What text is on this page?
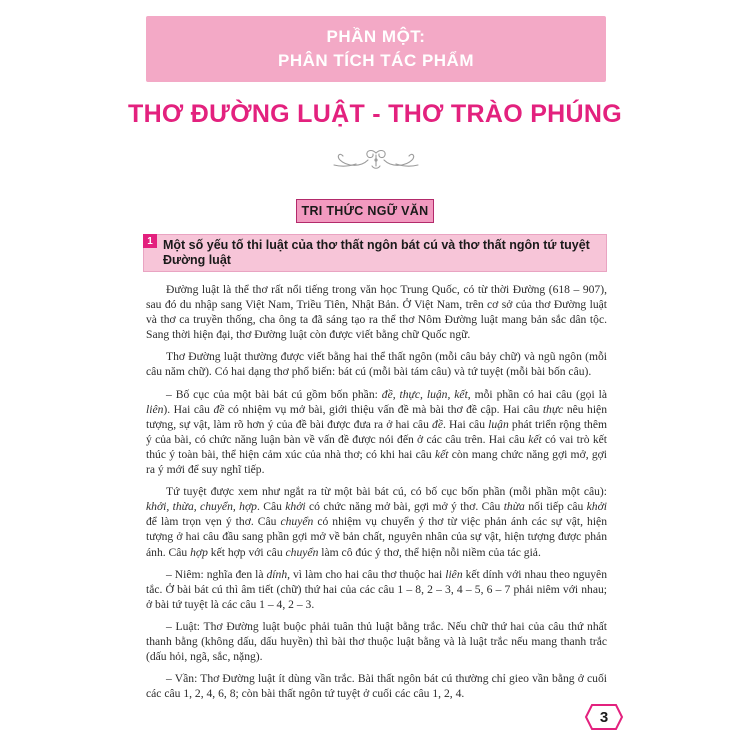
PHẦN MỘT:
PHÂN TÍCH TÁC PHẨM
THƠ ĐƯỜNG LUẬT - THƠ TRÀO PHÚNG
TRI THỨC NGỮ VĂN
1 Một số yếu tố thi luật của thơ thất ngôn bát cú và thơ thất ngôn tứ tuyệt Đường luật

Đường luật là thể thơ rất nổi tiếng trong văn học Trung Quốc, có từ thời Đường (618 – 907), sau đó du nhập sang Việt Nam, Triều Tiên, Nhật Bản. Ở Việt Nam, trên cơ sở của thơ Đường luật và thơ ca truyền thống, cha ông ta đã sáng tạo ra thể thơ Nôm Đường luật mang bản sắc dân tộc. Sang thời hiện đại, thơ Đường luật còn được viết bằng chữ Quốc ngữ.

Thơ Đường luật thường được viết bằng hai thể thất ngôn (mỗi câu bảy chữ) và ngũ ngôn (mỗi câu năm chữ). Có hai dạng thơ phổ biến: bát cú (mỗi bài tám câu) và tứ tuyệt (mỗi bài bốn câu).

– Bố cục của một bài bát cú gồm bốn phần: đề, thực, luận, kết, mỗi phần có hai câu (gọi là liên). Hai câu đề có nhiệm vụ mở bài, giới thiệu vấn đề mà bài thơ đề cập. Hai câu thực nêu hiện tượng, sự vật, làm rõ hơn ý của đề bài được đưa ra ở hai câu đề. Hai câu luận phát triển rộng thêm ý của bài, có chức năng luận bàn về vấn đề được nói đến ở các câu trên. Hai câu kết có vai trò kết thúc ý toàn bài, thể hiện cảm xúc của nhà thơ; có khi hai câu kết còn mang chức năng gợi mở, gợi ra ý mới để suy nghĩ tiếp.

Tứ tuyệt được xem như ngắt ra từ một bài bát cú, có bố cục bốn phần (mỗi phần một câu): khởi, thừa, chuyển, hợp. Câu khởi có chức năng mở bài, gợi mở ý thơ. Câu thừa nối tiếp câu khởi để làm trọn vẹn ý thơ. Câu chuyển có nhiệm vụ chuyển ý thơ từ việc phản ánh các sự vật, hiện tượng ở hai câu đầu sang phần gợi mở về bản chất, nguyên nhân của sự vật, hiện tượng được phản ánh. Câu hợp kết hợp với câu chuyển làm cô đúc ý thơ, thể hiện nỗi niềm của tác giả.

– Niêm: nghĩa đen là dính, vì làm cho hai câu thơ thuộc hai liên kết dính với nhau theo nguyên tắc. Ở bài bát cú thì âm tiết (chữ) thứ hai của các câu 1 – 8, 2 – 3, 4 – 5, 6 – 7 phải niêm với nhau; ở bài tứ tuyệt là các câu 1 – 4, 2 – 3.

– Luật: Thơ Đường luật buộc phải tuân thủ luật bằng trắc. Nếu chữ thứ hai của câu thứ nhất thanh bằng (không dấu, dấu huyền) thì bài thơ thuộc luật bằng và là luật trắc nếu mang thanh trắc (dấu hỏi, ngã, sắc, nặng).

– Vần: Thơ Đường luật ít dùng vần trắc. Bài thất ngôn bát cú thường chỉ gieo vần bằng ở cuối các câu 1, 2, 4, 6, 8; còn bài thất ngôn tứ tuyệt ở cuối các câu 1, 2, 4.

3
